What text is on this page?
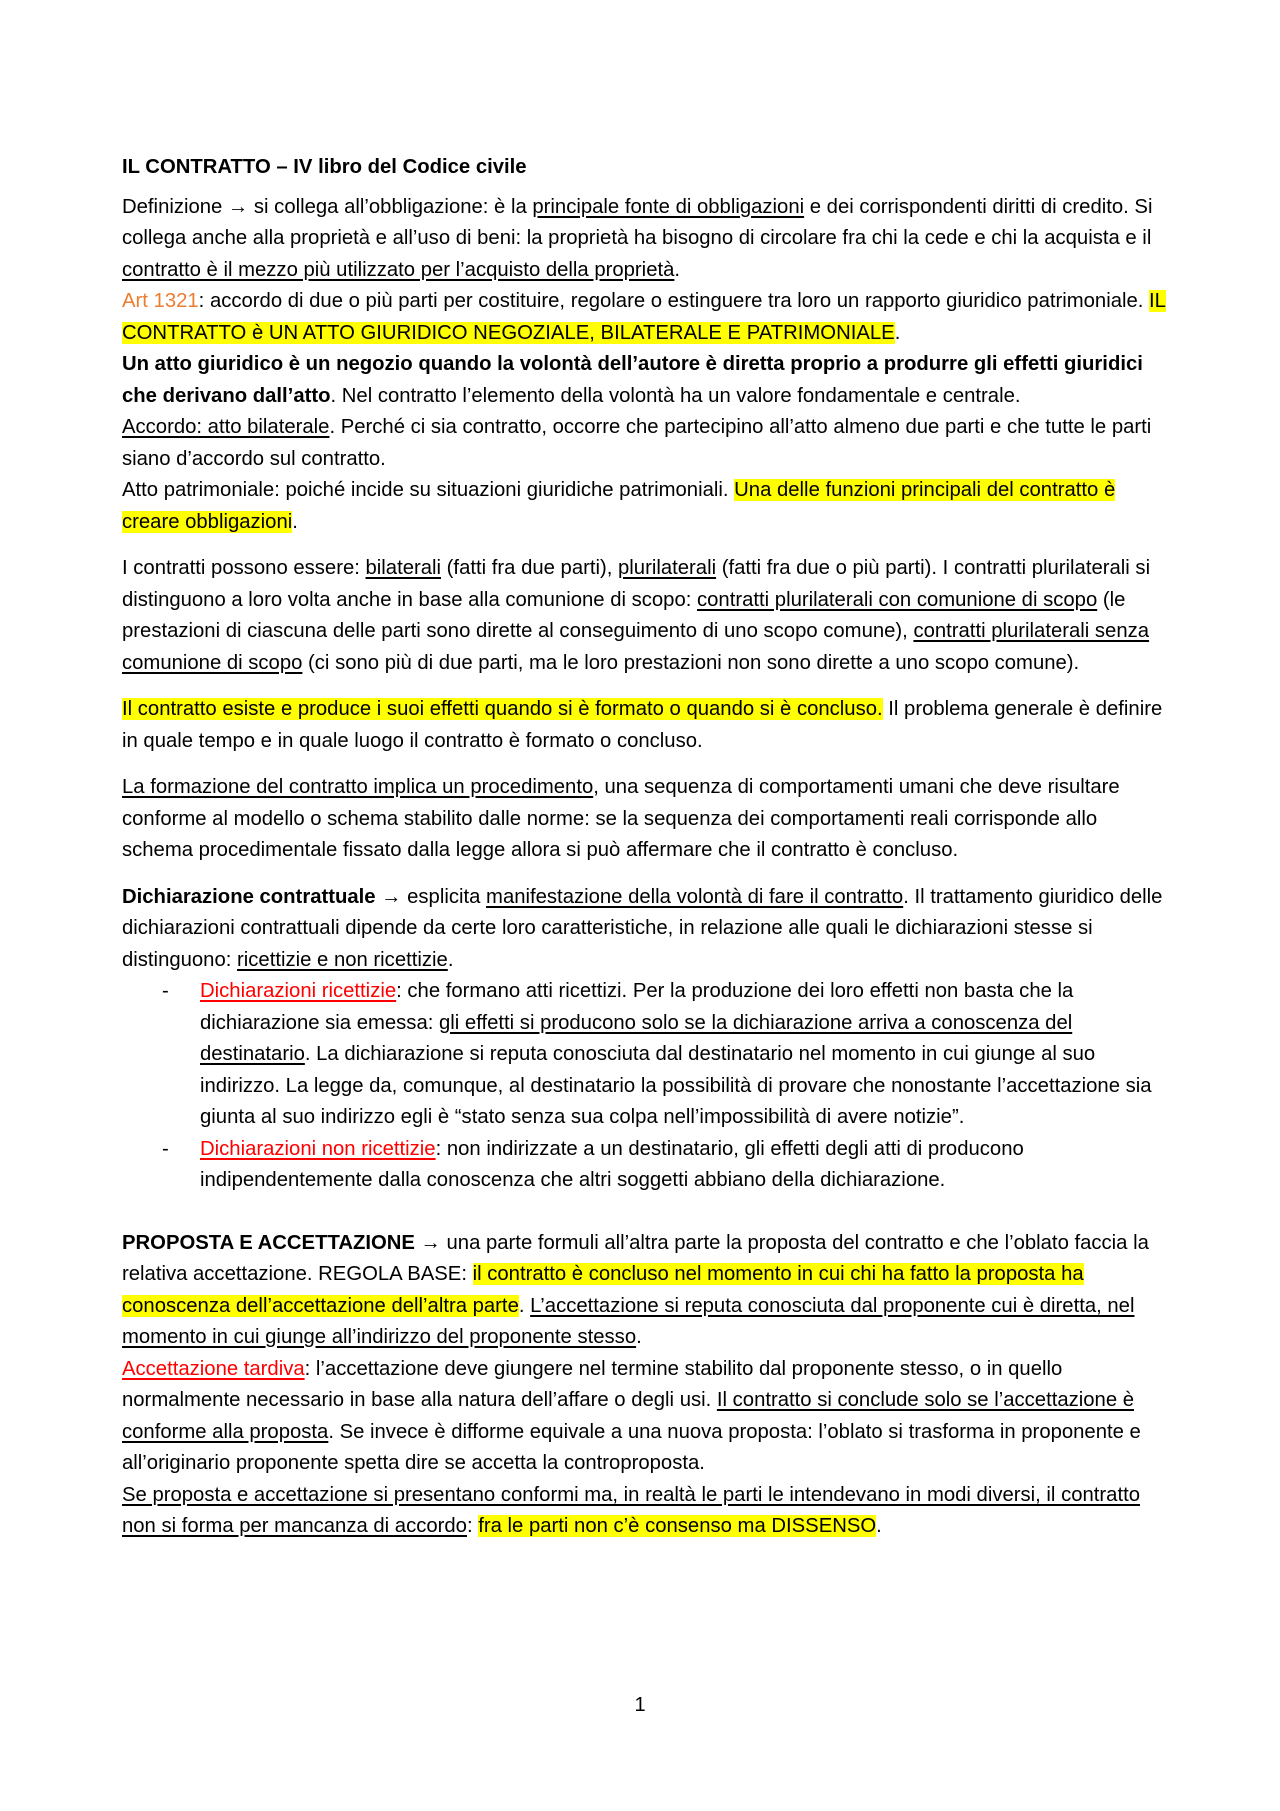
IL CONTRATTO – IV libro del Codice civile

Definizione → si collega all’obbligazione: è la principale fonte di obbligazioni e dei corrispondenti diritti di credito. Si collega anche alla proprietà e all’uso di beni: la proprietà ha bisogno di circolare fra chi la cede e chi la acquista e il contratto è il mezzo più utilizzato per l’acquisto della proprietà.

Art 1321: accordo di due o più parti per costituire, regolare o estinguere tra loro un rapporto giuridico patrimoniale. IL CONTRATTO è UN ATTO GIURIDICO NEGOZIALE, BILATERALE E PATRIMONIALE.

Un atto giuridico è un negozio quando la volontà dell’autore è diretta proprio a produrre gli effetti giuridici che derivano dall’atto. Nel contratto l’elemento della volontà ha un valore fondamentale e centrale.

Accordo: atto bilaterale. Perché ci sia contratto, occorre che partecipino all’atto almeno due parti e che tutte le parti siano d’accordo sul contratto.

Atto patrimoniale: poiché incide su situazioni giuridiche patrimoniali. Una delle funzioni principali del contratto è creare obbligazioni.

I contratti possono essere: bilaterali (fatti fra due parti), plurilaterali (fatti fra due o più parti). I contratti plurilaterali si distinguono a loro volta anche in base alla comunione di scopo: contratti plurilaterali con comunione di scopo (le prestazioni di ciascuna delle parti sono dirette al conseguimento di uno scopo comune), contratti plurilaterali senza comunione di scopo (ci sono più di due parti, ma le loro prestazioni non sono dirette a uno scopo comune).

Il contratto esiste e produce i suoi effetti quando si è formato o quando si è concluso. Il problema generale è definire in quale tempo e in quale luogo il contratto è formato o concluso.

La formazione del contratto implica un procedimento, una sequenza di comportamenti umani che deve risultare conforme al modello o schema stabilito dalle norme: se la sequenza dei comportamenti reali corrisponde allo schema procedimentale fissato dalla legge allora si può affermare che il contratto è concluso.

Dichiarazione contrattuale → esplicita manifestazione della volontà di fare il contratto. Il trattamento giuridico delle dichiarazioni contrattuali dipende da certe loro caratteristiche, in relazione alle quali le dichiarazioni stesse si distinguono: ricettizie e non ricettizie.

- Dichiarazioni ricettizie: che formano atti ricettizi. Per la produzione dei loro effetti non basta che la dichiarazione sia emessa: gli effetti si producono solo se la dichiarazione arriva a conoscenza del destinatario. La dichiarazione si reputa conosciuta dal destinatario nel momento in cui giunge al suo indirizzo. La legge da, comunque, al destinatario la possibilità di provare che nonostante l’accettazione sia giunta al suo indirizzo egli è “stato senza sua colpa nell’impossibilità di avere notizie”.
- Dichiarazioni non ricettizie: non indirizzate a un destinatario, gli effetti degli atti di producono indipendentemente dalla conoscenza che altri soggetti abbiano della dichiarazione.

PROPOSTA E ACCETTAZIONE → una parte formuli all’altra parte la proposta del contratto e che l’oblato faccia la relativa accettazione. REGOLA BASE: il contratto è concluso nel momento in cui chi ha fatto la proposta ha conoscenza dell’accettazione dell’altra parte. L’accettazione si reputa conosciuta dal proponente cui è diretta, nel momento in cui giunge all’indirizzo del proponente stesso.

Accettazione tardiva: l’accettazione deve giungere nel termine stabilito dal proponente stesso, o in quello normalmente necessario in base alla natura dell’affare o degli usi. Il contratto si conclude solo se l’accettazione è conforme alla proposta. Se invece è difforme equivale a una nuova proposta: l’oblato si trasforma in proponente e all’originario proponente spetta dire se accetta la controproposta.

Se proposta e accettazione si presentano conformi ma, in realtà le parti le intendevano in modi diversi, il contratto non si forma per mancanza di accordo: fra le parti non c’è consenso ma DISSENSO.

1
